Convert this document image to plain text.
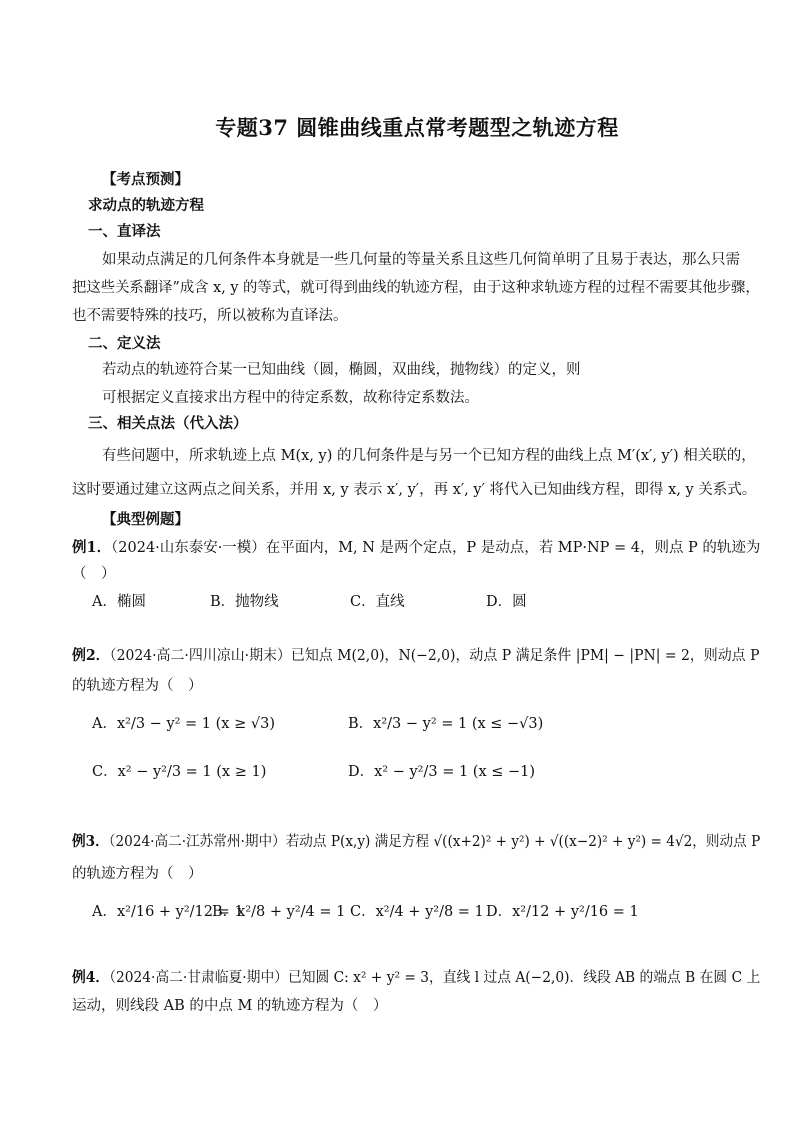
专题37 圆锥曲线重点常考题型之轨迹方程
【考点预测】
求动点的轨迹方程
一、直译法
如果动点满足的几何条件本身就是一些几何量的等量关系且这些几何简单明了且易于表达，那么只需
把这些关系翻译”成含 x, y 的等式，就可得到曲线的轨迹方程，由于这种求轨迹方程的过程不需要其他步骤，
也不需要特殊的技巧，所以被称为直译法。
二、定义法
若动点的轨迹符合某一已知曲线（圆，椭圆，双曲线，抛物线）的定义，则
可根据定义直接求出方程中的待定系数，故称待定系数法。
三、相关点法（代入法）
有些问题中，所求轨迹上点 M(x, y) 的几何条件是与另一个已知方程的曲线上点 M′(x′, y′) 相关联的，
这时要通过建立这两点之间关系，并用 x, y 表示 x′, y′，再 x′, y′ 将代入已知曲线方程，即得 x, y 关系式。
【典型例题】
例1．（2024·山东泰安·一模）在平面内，M, N 是两个定点，P 是动点，若 MP·NP = 4，则点 P 的轨迹为
（　）
A．椭圆	B．抛物线	C．直线	D．圆
例2．（2024·高二·四川凉山·期末）已知点 M(2,0)，N(−2,0)，动点 P 满足条件 |PM| − |PN| = 2，则动点 P
的轨迹方程为（　）
A．x²/3 − y² = 1 (x ≥ √3)	B．x²/3 − y² = 1 (x ≤ −√3)
C．x² − y²/3 = 1 (x ≥ 1)	D．x² − y²/3 = 1 (x ≤ −1)
例3．（2024·高二·江苏常州·期中）若动点 P(x,y) 满足方程 √((x+2)² + y²) + √((x−2)² + y²) = 4√2，则动点 P
的轨迹方程为（　）
A．x²/16 + y²/12 = 1
B．x²/8 + y²/4 = 1 C．x²/4 + y²/8 = 1 D．x²/12 + y²/16 = 1
例4．（2024·高二·甘肃临夏·期中）已知圆 C: x² + y² = 3，直线 l 过点 A(−2,0)．线段 AB 的端点 B 在圆 C 上
运动，则线段 AB 的中点 M 的轨迹方程为（　）
